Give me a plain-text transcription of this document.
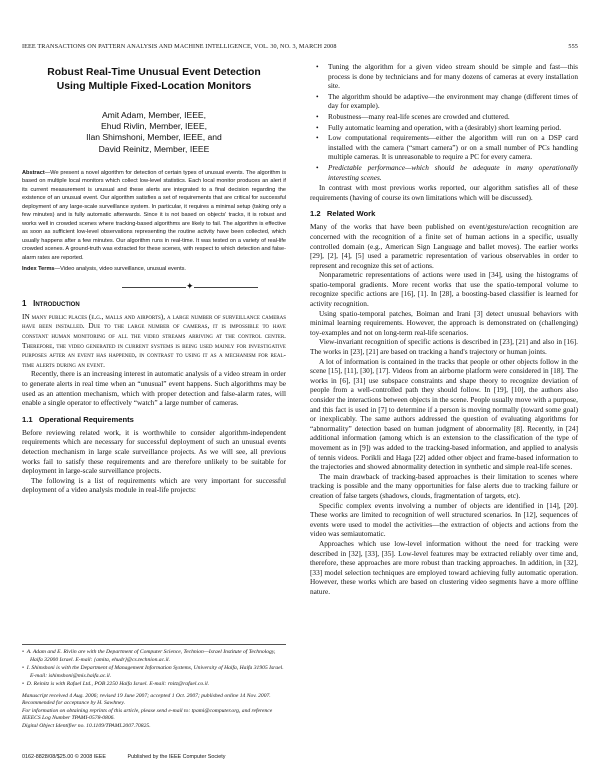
IEEE TRANSACTIONS ON PATTERN ANALYSIS AND MACHINE INTELLIGENCE, VOL. 30, NO. 3, MARCH 2008	555
Robust Real-Time Unusual Event Detection
Using Multiple Fixed-Location Monitors
Amit Adam, Member, IEEE,
Ehud Rivlin, Member, IEEE,
Ilan Shimshoni, Member, IEEE, and
David Reinitz, Member, IEEE
Abstract—We present a novel algorithm for detection of certain types of unusual events. The algorithm is based on multiple local monitors which collect low-level statistics. Each local monitor produces an alert if its current measurement is unusual and these alerts are integrated to a final decision regarding the existence of an unusual event. Our algorithm satisfies a set of requirements that are critical for successful deployment of any large-scale surveillance system. In particular, it requires a minimal setup (taking only a few minutes) and is fully automatic afterwards. Since it is not based on objects' tracks, it is robust and works well in crowded scenes where tracking-based algorithms are likely to fail. The algorithm is effective as soon as sufficient low-level observations representing the routine activity have been collected, which usually happens after a few minutes. Our algorithm runs in real-time. It was tested on a variety of real-life crowded scenes. A ground-truth was extracted for these scenes, with respect to which detection and false-alarm rates are reported.
Index Terms—Video analysis, video surveillance, unusual events.
✦
1 Introduction

IN many public places (e.g., malls and airports), a large number of surveillance cameras have been installed. Due to the large number of cameras, it is impossible to have constant human monitoring of all the video streams arriving at the control center. Therefore, the video generated in current systems is being used mainly for investigative purposes after an event has happened, in contrast to using it as a mechanism for real-time alerts during an event.

Recently, there is an increasing interest in automatic analysis of a video stream in order to generate alerts in real time when an “unusual” event happens. Such algorithms may be used as an attention mechanism, which with proper detection and false-alarm rates, will enable a single operator to effectively “watch” a large number of cameras.

1.1 Operational Requirements

Before reviewing related work, it is worthwhile to consider algorithm-independent requirements which are necessary for successful deployment of such an unusual events detection mechanism in large scale surveillance projects. As we will see, all previous works fail to satisfy these requirements and are therefore unlikely to be suitable for deployment in large-scale surveillance projects.

The following is a list of requirements which are very important for successful deployment of a video analysis module in real-life projects:

•  A. Adam and E. Rivlin are with the Department of Computer Science, Technion—Israel Institute of Technology, Haifa 32000 Israel. E-mail: {amita, ehudr}@cs.technion.ac.il.
•  I. Shimshoni is with the Department of Management Information Systems, University of Haifa, Haifa 31905 Israel. E-mail: ishimshoni@mis.haifa.ac.il.
•  D. Reinitz is with Rafael Ltd., POB 2250 Haifa Israel. E-mail: rnitz@rafael.co.il.

Manuscript received 4 Aug. 2006; revised 19 June 2007; accepted 1 Oct. 2007; published online 14 Nov. 2007.

Recommended for acceptance by H. Sawhney.

For information on obtaining reprints of this article, please send e-mail to: tpami@computer.org, and reference IEEECS Log Number TPAMI-0578-0806.

Digital Object Identifier no. 10.1109/TPAMI.2007.70825.

• Tuning the algorithm for a given video stream should be simple and fast—this process is done by technicians and for many dozens of cameras at every installation site.
• The algorithm should be adaptive—the environment may change (different times of day for example).
• Robustness—many real-life scenes are crowded and cluttered.
• Fully automatic learning and operation, with a (desirably) short learning period.
• Low computational requirements—either the algorithm will run on a DSP card installed with the camera (“smart camera”) or on a small number of PCs handling multiple cameras. It is unreasonable to require a PC for every camera.
• Predictable performance—which should be adequate in many operationally interesting scenes.

In contrast with most previous works reported, our algorithm satisfies all of these requirements (having of course its own limitations which will be discussed).

1.2 Related Work

Many of the works that have been published on event/gesture/action recognition are concerned with the recognition of a finite set of human actions in a specific, usually controlled domain (e.g., American Sign Language and ballet moves). The earlier works [29], [2], [4], [5] used a parametric representation of various observables in order to represent and recognize this set of actions.

Nonparametric representations of actions were used in [34], using the histograms of spatio-temporal gradients. More recent works that use the spatio-temporal volume to recognize specific actions are [16], [1]. In [28], a boosting-based classifier is learned for activity recognition.

Using spatio-temporal patches, Boiman and Irani [3] detect unusual behaviors with minimal learning requirements. However, the approach is demonstrated on (challenging) toy-examples and not on long-term real-life scenarios.

View-invariant recognition of specific actions is described in [23], [21] and also in [16]. The works in [23], [21] are based on tracking a hand's trajectory or human joints.

A lot of information is contained in the tracks that people or other objects follow in the scene [15], [11], [30], [17]. Videos from an airborne platform were considered in [18]. The works in [6], [31] use subspace constraints and shape theory to recognize deviation of people from a well-controlled path they should follow. In [19], [10], the authors also consider the interactions between objects in the scene. People usually move with a purpose, and this fact is used in [7] to determine if a person is moving normally (toward some goal) or inexplicably. The same authors addressed the question of evaluating algorithms for “abnormality” detection based on human judgment of abnormality [8]. Recently, in [24] additional information (among which is an extension to the classification of the type of movement as in [9]) was added to the tracking-based information, and applied to analysis of tennis videos. Porikli and Haga [22] added other object and frame-based information to the trajectories and showed abnormality detection in synthetic and simple real-life scenes.

The main drawback of tracking-based approaches is their limitation to scenes where tracking is possible and the many opportunities for false alerts due to tracking failure or creation of false targets (shadows, clouds, fragmentation of targets, etc).

Specific complex events involving a number of objects are identified in [14], [20]. These works are limited to recognition of well structured scenarios. In [12], sequences of events were used to model the activities—the extraction of objects and actions from the video was semiautomatic.

Approaches which use low-level information without the need for tracking were described in [32], [33], [35]. Low-level features may be extracted reliably over time and, therefore, these approaches are more robust than tracking approaches. In addition, in [32], [33] model selection techniques are employed toward achieving fully automatic operation. However, these works which are based on clustering video segments have a more offline nature.

0162-8828/08/$25.00 © 2008 IEEE	Published by the IEEE Computer Society
